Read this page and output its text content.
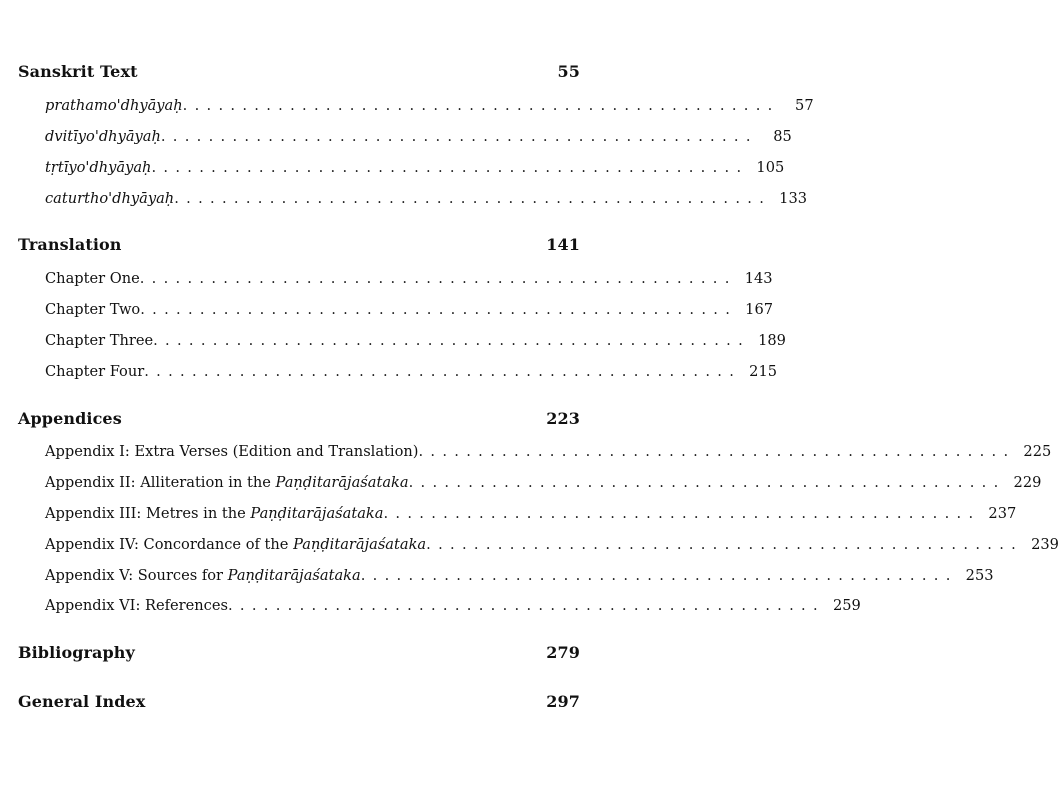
Sanskrit Text	55
prathamo'dhyāyaḥ ..................................................	57
dvitīyo'dhyāyaḥ ..................................................	85
tṛtīyo'dhyāyaḥ .................................................. 105
caturtho'dhyāyaḥ .................................................. 133
Translation	141
Chapter One .................................................. 143
Chapter Two .................................................. 167
Chapter Three .................................................. 189
Chapter Four .................................................. 215
Appendices	223
Appendix I: Extra Verses (Edition and Translation) .................................................. 225
Appendix II: Alliteration in the Paṇḍitarājaśataka .................................................. 229
Appendix III: Metres in the Paṇḍitarājaśataka .................................................. 237
Appendix IV: Concordance of the Paṇḍitarājaśataka .................................................. 239
Appendix V: Sources for Paṇḍitarājaśataka .................................................. 253
Appendix VI: References .................................................. 259
Bibliography	279
General Index	297
